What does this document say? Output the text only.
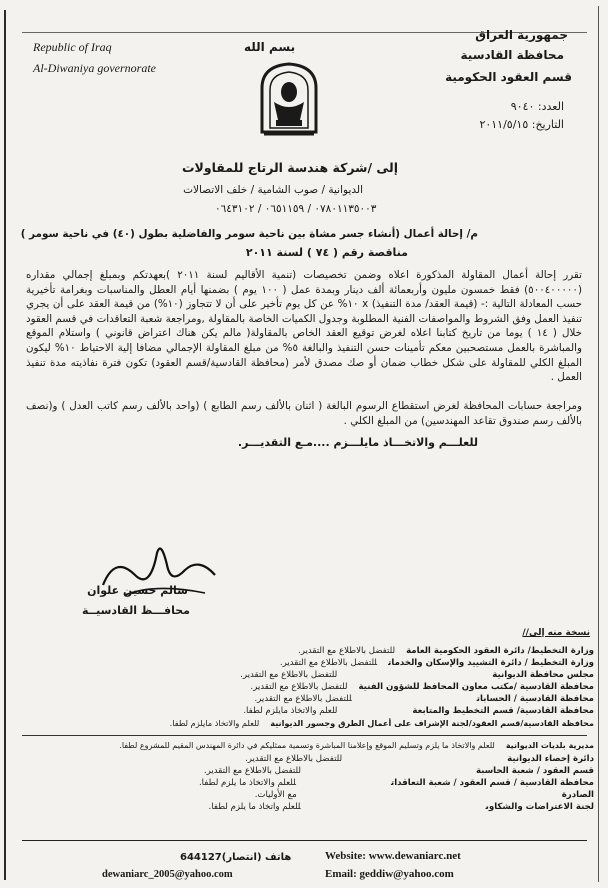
Republic of Iraq
Al-Diwaniya governorate
بسم الله
جمهورية العراق
محافظة القادسية
قسم العقود الحكومية
العدد: ٩٠٤٠
التاريخ: ٢٠١١/٥/١٥
إلى /شركة هندسة الرتاج للمقاولات
الديوانية / صوب الشامية / خلف الاتصالات
٠٧٨٠١١٣٥٠٠٣ / ٠٦٥١١٥٩ / ٠٦٤٣١٠٢
م/ إحالة أعمال (أنشاء جسر مشاة بين ناحية سومر والفاضلية بطول (٤٠) في ناحية سومر )
مناقصة رقم ( ٧٤ ) لسنة ٢٠١١
تقرر إحالة أعمال المقاولة المذكورة اعلاه وضمن تخصيصات (تنمية الأقاليم لسنة ٢٠١١ )بعهدتكم وبمبلغ إجمالي مقداره (٥٠٠٤٠٠٠٠٠) فقط خمسون مليون وأربعمائة ألف دينار وبمدة عمل ( ١٠٠ يوم ) بضمنها أيام العطل والمناسبات وبغرامة تأخيرية حسب المعادلة التالية :- (قيمة العقد/ مدة التنفيذ) x ١٠% عن كل يوم تأخير على أن لا تتجاوز (١٠%) من قيمة العقد على أن يجري تنفيذ العمل وفق الشروط والمواصفات الفنية المطلوبة وجدول الكميات الخاصة بالمقاولة ,ومراجعة شعبة التعاقدات في قسم العقود خلال ( ١٤ ) يوما من تاريخ كتابنا اعلاه لغرض توقيع العقد الخاص بالمقاولة( مالم يكن هناك اعتراض قانوني ) واستلام الموقع والمباشرة بالعمل مستصحبين معكم تأمينات حسن التنفيذ والبالغة ٥% من مبلغ المقاولة الإجمالي مضافا إلية الاحتياط ١٠% ليكون المبلغ الكلي للمقاولة على شكل خطاب ضمان أو صك مصدق لأمر (محافظة القادسية/قسم العقود) تكون فترة نفاذيته مدة تنفيذ العمل .
ومراجعة حسابات المحافظة لغرض استقطاع الرسوم البالغة ( اثنان بالألف رسم الطابع ) (واحد بالألف رسم كاتب العدل ) و(نصف بالألف رسم صندوق تقاعد المهندسين) من المبلغ الكلي .
للعلـــم والاتخـــاذ مايلـــزم ....مـع التقديـــر.
سالم حسين علوان
محافـــظ القادسيــة
نسخة منه إلى//
وزارة التخطيط/ دائرة العقود الحكومية العامةللتفضل بالاطلاع مع التقدير.
وزارة التخطيط / دائرة التشييد والإسكان والخدماتللتفضل بالاطلاع مع التقدير.
مجلس محافظة الديوانيةللتفضل بالاطلاع مع التقدير.
محافظة القادسية /مكتب معاون المحافظ للشؤون الفنيةللتفضل بالاطلاع مع التقدير.
محافظة القادسية / الحساباتللتفضل بالاطلاع مع التقدير.
محافظة القادسية/ قسم التخطيط والمتابعةللعلم والاتخاذ مايلزم لطفا.
محافظة القادسية/قسم العقود/لجنة الإشراف على أعمال الطرق وجسور الديوانيةللعلم والاتخاذ مايلزم لطفا.
مديرية بلديات الديوانيةللعلم والاتخاذ ما يلزم وتسليم الموقع وإعلامنا المباشرة وتسمية ممثليكم في دائرة المهندس المقيم للمشروع لطفا.
دائرة إحصاء الديوانيةللتفضل بالاطلاع مع التقدير.
قسم العقود / شعبة الحاسبةللتفضل بالاطلاع مع التقدير.
محافظة القادسية / قسم العقود / شعبة التعاقداتللعلم والاتخاذ ما يلزم لطفا.
الصادرةمع الأوليات.
لجنة الاعتراضات والشكاوىللعلم واتخاذ ما يلزم لطفا.
644127هاتف (انتصار)	Website: www.dewaniarc.net
dewaniarc_2005@yahoo.com	Email: geddiw@yahoo.com
